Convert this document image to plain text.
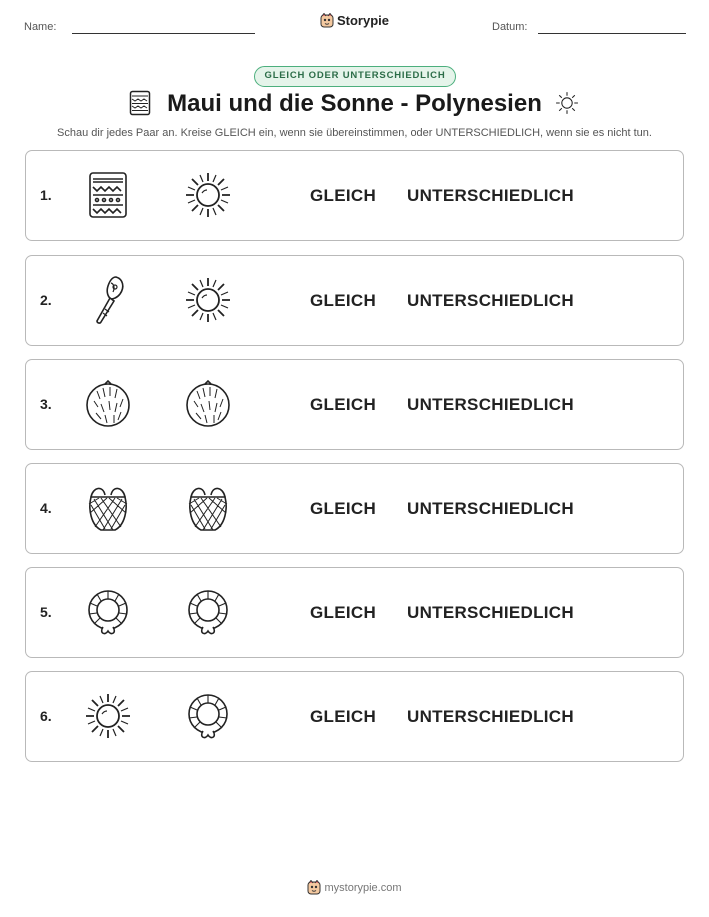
Name:	Storypie	Datum:
GLEICH ODER UNTERSCHIEDLICH
Maui und die Sonne - Polynesien
Schau dir jedes Paar an. Kreise GLEICH ein, wenn sie übereinstimmen, oder UNTERSCHIEDLICH, wenn sie es nicht tun.
1.	GLEICH UNTERSCHIEDLICH
2.	GLEICH UNTERSCHIEDLICH
3.	GLEICH UNTERSCHIEDLICH
4.	GLEICH UNTERSCHIEDLICH
5.	GLEICH UNTERSCHIEDLICH
6.	GLEICH UNTERSCHIEDLICH
mystorypie.com
